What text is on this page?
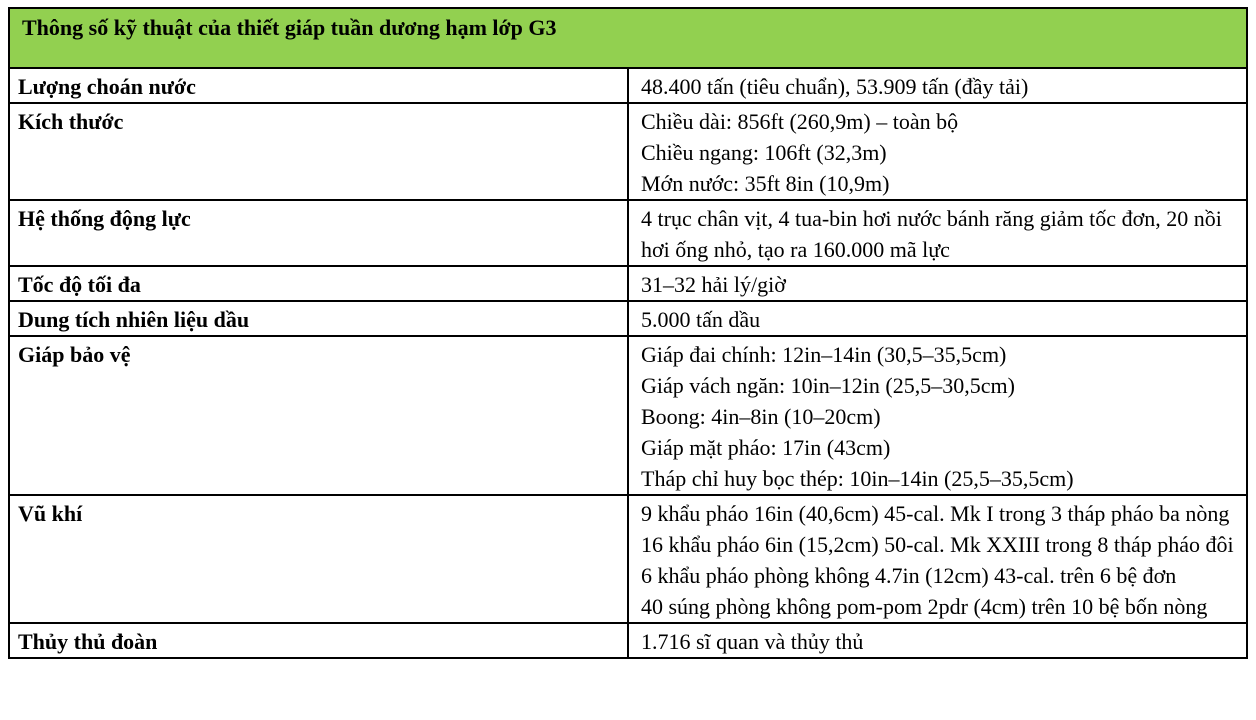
Thông số kỹ thuật của thiết giáp tuần dương hạm lớp G3	
Lượng choán nước	48.400 tấn (tiêu chuẩn), 53.909 tấn (đầy tải)

Kích thước	Chiều dài: 856ft (260,9m) – toàn bộ
Chiều ngang: 106ft (32,3m)
Mớn nước: 35ft 8in (10,9m)

Hệ thống động lực	4 trục chân vịt, 4 tua-bin hơi nước bánh răng giảm tốc đơn, 20 nồi hơi ống nhỏ, tạo ra 160.000 mã lực

Tốc độ tối đa	31–32 hải lý/giờ

Dung tích nhiên liệu dầu	5.000 tấn dầu

Giáp bảo vệ	Giáp đai chính: 12in–14in (30,5–35,5cm)
Giáp vách ngăn: 10in–12in (25,5–30,5cm)
Boong: 4in–8in (10–20cm)
Giáp mặt pháo: 17in (43cm)
Tháp chỉ huy bọc thép: 10in–14in (25,5–35,5cm)

Vũ khí	9 khẩu pháo 16in (40,6cm) 45-cal. Mk I trong 3 tháp pháo ba nòng
16 khẩu pháo 6in (15,2cm) 50-cal. Mk XXIII trong 8 tháp pháo đôi
6 khẩu pháo phòng không 4.7in (12cm) 43-cal. trên 6 bệ đơn
40 súng phòng không pom-pom 2pdr (4cm) trên 10 bệ bốn nòng

Thủy thủ đoàn	1.716 sĩ quan và thủy thủ
